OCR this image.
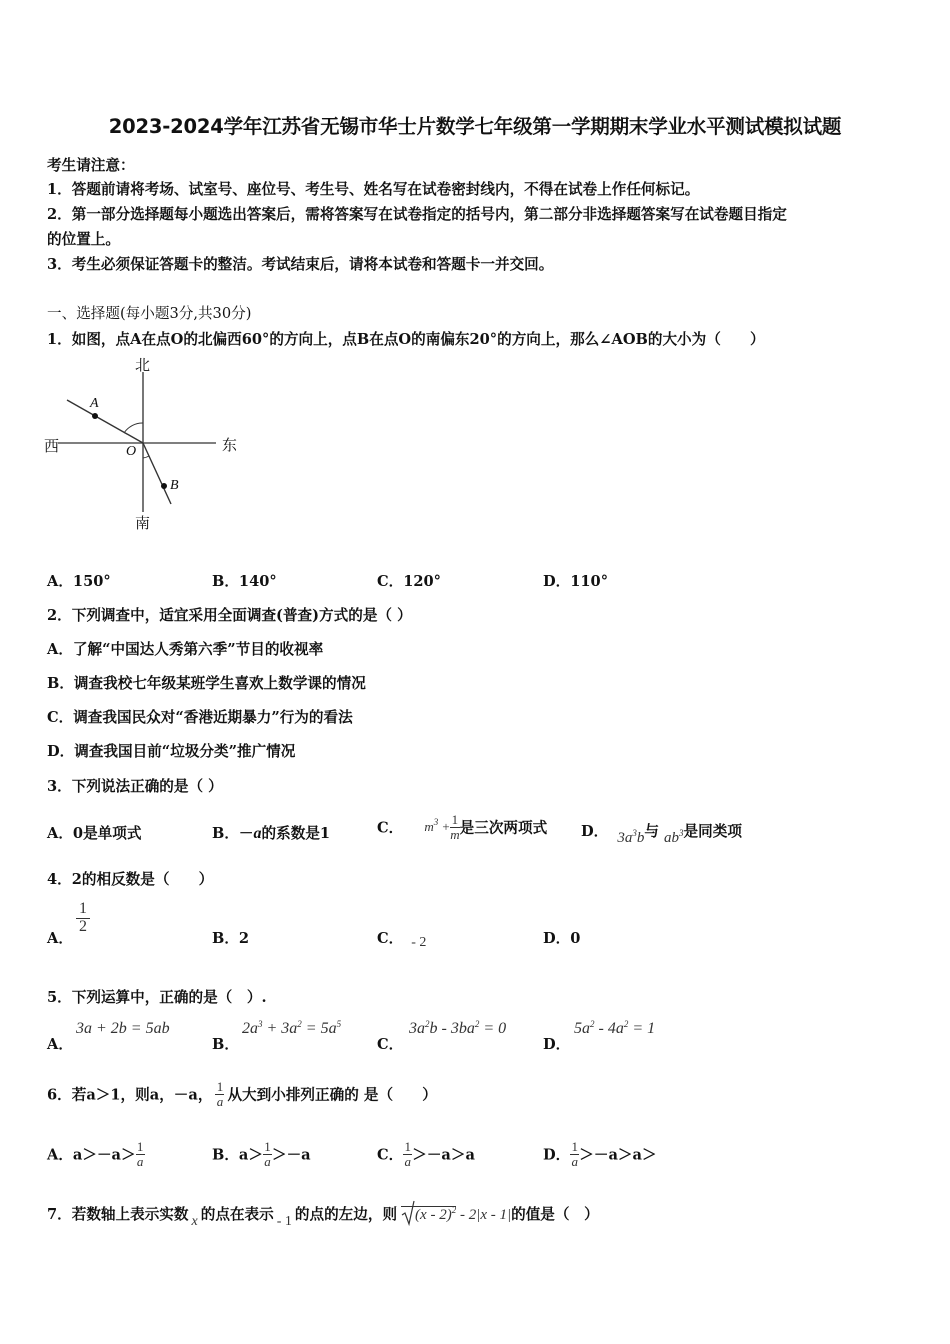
2023-2024学年江苏省无锡市华士片数学七年级第一学期期末学业水平测试模拟试题
考生请注意：
1．答题前请将考场、试室号、座位号、考生号、姓名写在试卷密封线内，不得在试卷上作任何标记。
2．第一部分选择题每小题选出答案后，需将答案写在试卷指定的括号内，第二部分非选择题答案写在试卷题目指定
的位置上。
3．考生必须保证答题卡的整洁。考试结束后，请将本试卷和答题卡一并交回。
一、选择题(每小题3分,共30分)
1．如图，点A在点O的北偏西60°的方向上，点B在点O的南偏东20°的方向上，那么∠AOB的大小为（　　）
北
南
西	东
A
B
O
A．150°	B．140°	C．120°	D．110°
2．下列调查中，适宜采用全面调查(普查)方式的是（ ）
A．了解“中国达人秀第六季”节目的收视率
B．调查我校七年级某班学生喜欢上数学课的情况
C．调查我国民众对“香港近期暴力”行为的看法
D．调查我国目前“垃圾分类”推广情况
3．下列说法正确的是（ ）
A．0是单项式	B．－a的系数是1	C． $m^3 + \frac{1}{m}$ 是三次两项式 D． $3a^3b$与 $ab^3$是同类项
4．2的相反数是（　　）
A．
$\frac{1}{2}$
B．2	C． - 2	D．0
5．下列运算中，正确的是（　）.
A．
3a + 2b = 5ab
B．
$2a^3 + 3a^2 = 5a^5$
C．
$3a^2b - 3ba^2 = 0$
D．
$5a^2 - 4a^2 = 1$
6．若a＞1，则a，－a， $\frac{1}{a}$ 从大到小排列正确的 是（　　）
A．$a>-a> \frac{1}{a}$	B．$a> \frac{1}{a} >-a$	C． $\frac{1}{a} >-a>a$	D． $\frac{1}{a} >-a>a>$
7．若数轴上表示实数 x 的点在表示 - 1 的点的左边，则 (x - 2)$^2$ - 2|x - 1|的值是（　）
